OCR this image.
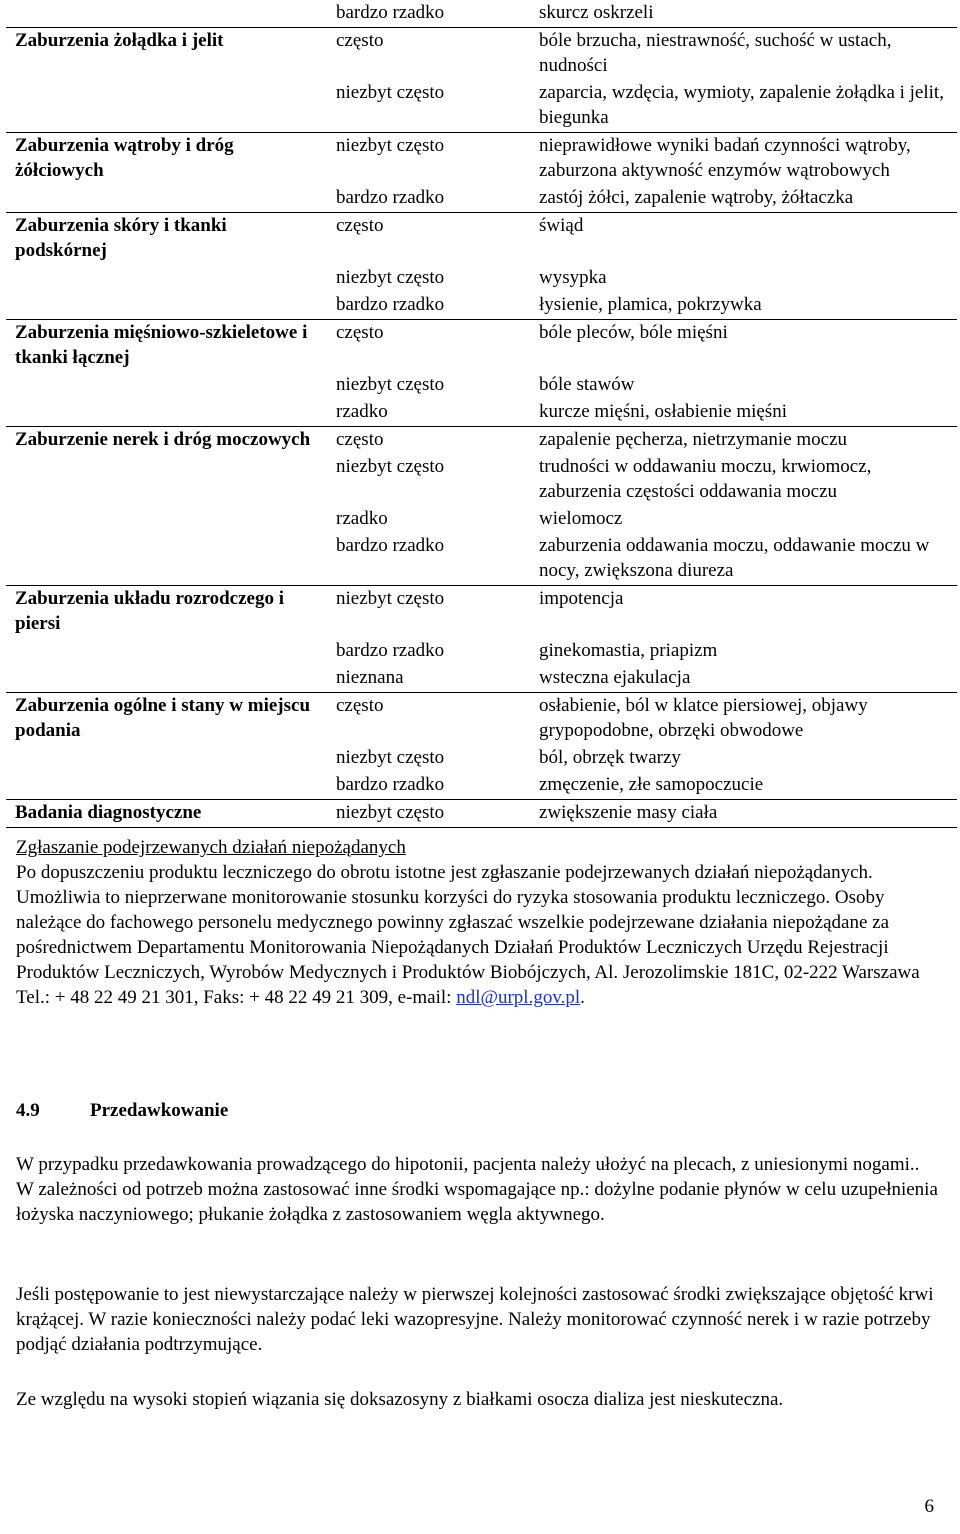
	bardzo rzadko	skurcz oskrzeli
Zaburzenia żołądka i jelit	często	bóle brzucha, niestrawność, suchość w ustach, nudności
	niezbyt często	zaparcia, wzdęcia, wymioty, zapalenie żołądka i jelit, biegunka
Zaburzenia wątroby i dróg żółciowych	niezbyt często	nieprawidłowe wyniki badań czynności wątroby, zaburzona aktywność enzymów wątrobowych
	bardzo rzadko	zastój żółci, zapalenie wątroby, żółtaczka
Zaburzenia skóry i tkanki podskórnej	często	świąd
	niezbyt często	wysypka
	bardzo rzadko	łysienie, plamica, pokrzywka
Zaburzenia mięśniowo-szkieletowe i tkanki łącznej	często	bóle pleców, bóle mięśni
	niezbyt często	bóle stawów
	rzadko	kurcze mięśni, osłabienie mięśni
Zaburzenie nerek i dróg moczowych	często	zapalenie pęcherza, nietrzymanie moczu
	niezbyt często	trudności w oddawaniu moczu, krwiomocz, zaburzenia częstości oddawania moczu
	rzadko	wielomocz
	bardzo rzadko	zaburzenia oddawania moczu, oddawanie moczu w nocy, zwiększona diureza
Zaburzenia układu rozrodczego i piersi	niezbyt często	impotencja
	bardzo rzadko	ginekomastia, priapizm
	nieznana	wsteczna ejakulacja
Zaburzenia ogólne i stany w miejscu podania	często	osłabienie, ból w klatce piersiowej, objawy grypopodobne, obrzęki obwodowe
	niezbyt często	ból, obrzęk twarzy
	bardzo rzadko	zmęczenie, złe samopoczucie
Badania diagnostyczne	niezbyt często	zwiększenie masy ciała
Zgłaszanie podejrzewanych działań niepożądanych
Po dopuszczeniu produktu leczniczego do obrotu istotne jest zgłaszanie podejrzewanych działań niepożądanych. Umożliwia to nieprzerwane monitorowanie stosunku korzyści do ryzyka stosowania produktu leczniczego. Osoby należące do fachowego personelu medycznego powinny zgłaszać wszelkie podejrzewane działania niepożądane za pośrednictwem Departamentu Monitorowania Niepożądanych Działań Produktów Leczniczych Urzędu Rejestracji Produktów Leczniczych, Wyrobów Medycznych i Produktów Biobójczych, Al. Jerozolimskie 181C, 02-222 Warszawa Tel.: + 48 22 49 21 301, Faks: + 48 22 49 21 309, e-mail: ndl@urpl.gov.pl.
4.9	Przedawkowanie

W przypadku przedawkowania prowadzącego do hipotonii, pacjenta należy ułożyć na plecach, z uniesionymi nogami.. W zależności od potrzeb można zastosować inne środki wspomagające np.: dożylne podanie płynów w celu uzupełnienia łożyska naczyniowego; płukanie żołądka z zastosowaniem węgla aktywnego.

Jeśli postępowanie to jest niewystarczające należy w pierwszej kolejności zastosować środki zwiększające objętość krwi krążącej. W razie konieczności należy podać leki wazopresyjne. Należy monitorować czynność nerek i w razie potrzeby podjąć działania podtrzymujące.

Ze względu na wysoki stopień wiązania się doksazosyny z białkami osocza dializa jest nieskuteczna.

6
